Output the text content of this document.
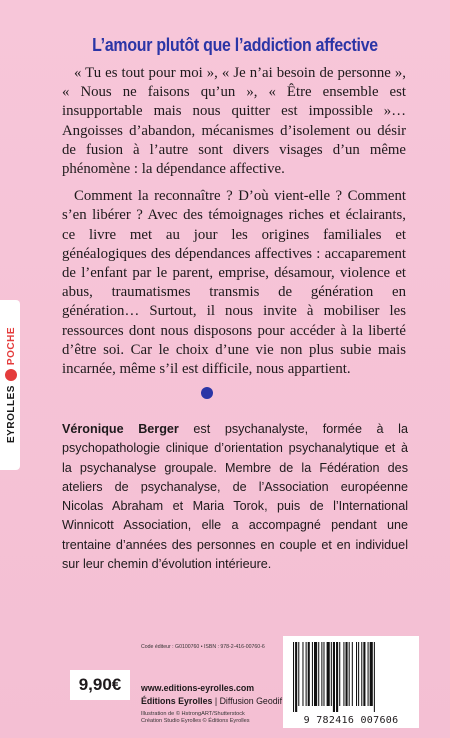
L’amour plutôt que l’addiction affective

« Tu es tout pour moi », « Je n’ai besoin de personne », « Nous ne faisons qu’un », « Être ensemble est insupportable mais nous quitter est impossible »… Angoisses d’abandon, mécanismes d’isolement ou désir de fusion à l’autre sont divers visages d’un même phénomène : la dépendance affective.

Comment la reconnaître ? D’où vient-elle ? Comment s’en libérer ? Avec des témoignages riches et éclairants, ce livre met au jour les origines familiales et généalogiques des dépendances affectives : accaparement de l’enfant par le parent, emprise, désamour, violence et abus, traumatismes transmis de génération en génération… Surtout, il nous invite à mobiliser les ressources dont nous disposons pour accéder à la liberté d’être soi. Car le choix d’une vie non plus subie mais incarnée, même s’il est difficile, nous appartient.

Véronique Berger est psychanalyste, formée à la psychopathologie clinique d’orientation psychanalytique et à la psychanalyse groupale. Membre de la Fédération des ateliers de psychanalyse, de l’Association européenne Nicolas Abraham et Maria Torok, puis de l’International Winnicott Association, elle a accompagné pendant une trentaine d’années des personnes en couple et en individuel sur leur chemin d’évolution intérieure.
EYROLLES
POCHE
9,90€
Code éditeur : G0100760 • ISBN : 978-2-416-00760-6
www.editions-eyrolles.com
Éditions Eyrolles | Diffusion Geodif
Illustration de © HstrongART/Shutterstock
Création Studio Eyrolles © Éditions Eyrolles	9 782416 007606
